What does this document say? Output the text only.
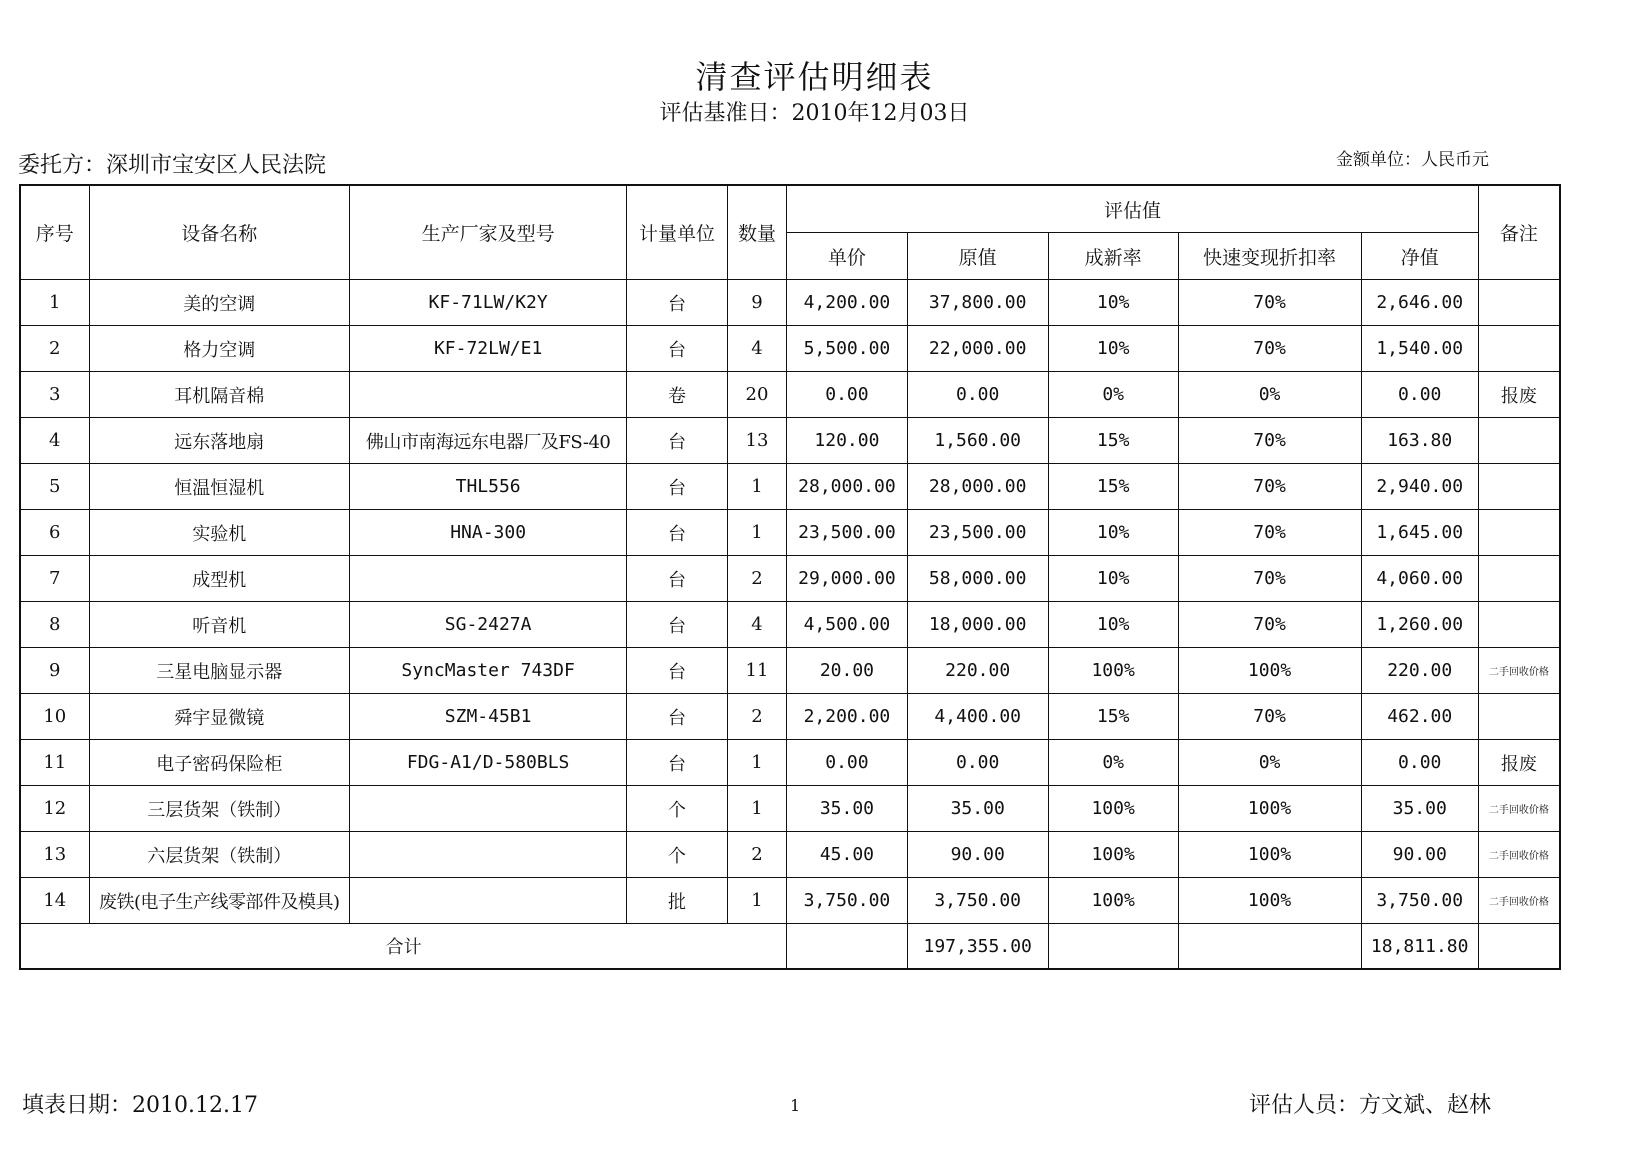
清查评估明细表
评估基准日：2010年12月03日
委托方：深圳市宝安区人民法院	金额单位：人民币元
序号	设备名称	生产厂家及型号	计量单位	数量	评估值					备注
					单价	原值	成新率	快速变现折扣率	净值	
1	美的空调	KF-71LW/K2Y	台	9	4,200.00	37,800.00	10%	70%	2,646.00	
2	格力空调	KF-72LW/E1	台	4	5,500.00	22,000.00	10%	70%	1,540.00	
3	耳机隔音棉		卷	20	0.00	0.00	0%	0%	0.00	报废
4	远东落地扇	佛山市南海远东电器厂及FS-40	台	13	120.00	1,560.00	15%	70%	163.80	
5	恒温恒湿机	THL556	台	1	28,000.00	28,000.00	15%	70%	2,940.00	
6	实验机	HNA-300	台	1	23,500.00	23,500.00	10%	70%	1,645.00	
7	成型机		台	2	29,000.00	58,000.00	10%	70%	4,060.00	
8	听音机	SG-2427A	台	4	4,500.00	18,000.00	10%	70%	1,260.00	
9	三星电脑显示器	SyncMaster 743DF	台	11	20.00	220.00	100%	100%	220.00	二手回收价格
10	舜宇显微镜	SZM-45B1	台	2	2,200.00	4,400.00	15%	70%	462.00	
11	电子密码保险柜	FDG-A1/D-580BLS	台	1	0.00	0.00	0%	0%	0.00	报废
12	三层货架（铁制）		个	1	35.00	35.00	100%	100%	35.00	二手回收价格
13	六层货架（铁制）		个	2	45.00	90.00	100%	100%	90.00	二手回收价格
14	废铁(电子生产线零部件及模具)		批	1	3,750.00	3,750.00	100%	100%	3,750.00	二手回收价格
合计						197,355.00			18,811.80	
填表日期：2010.12.17	1	评估人员：方文斌、赵林
